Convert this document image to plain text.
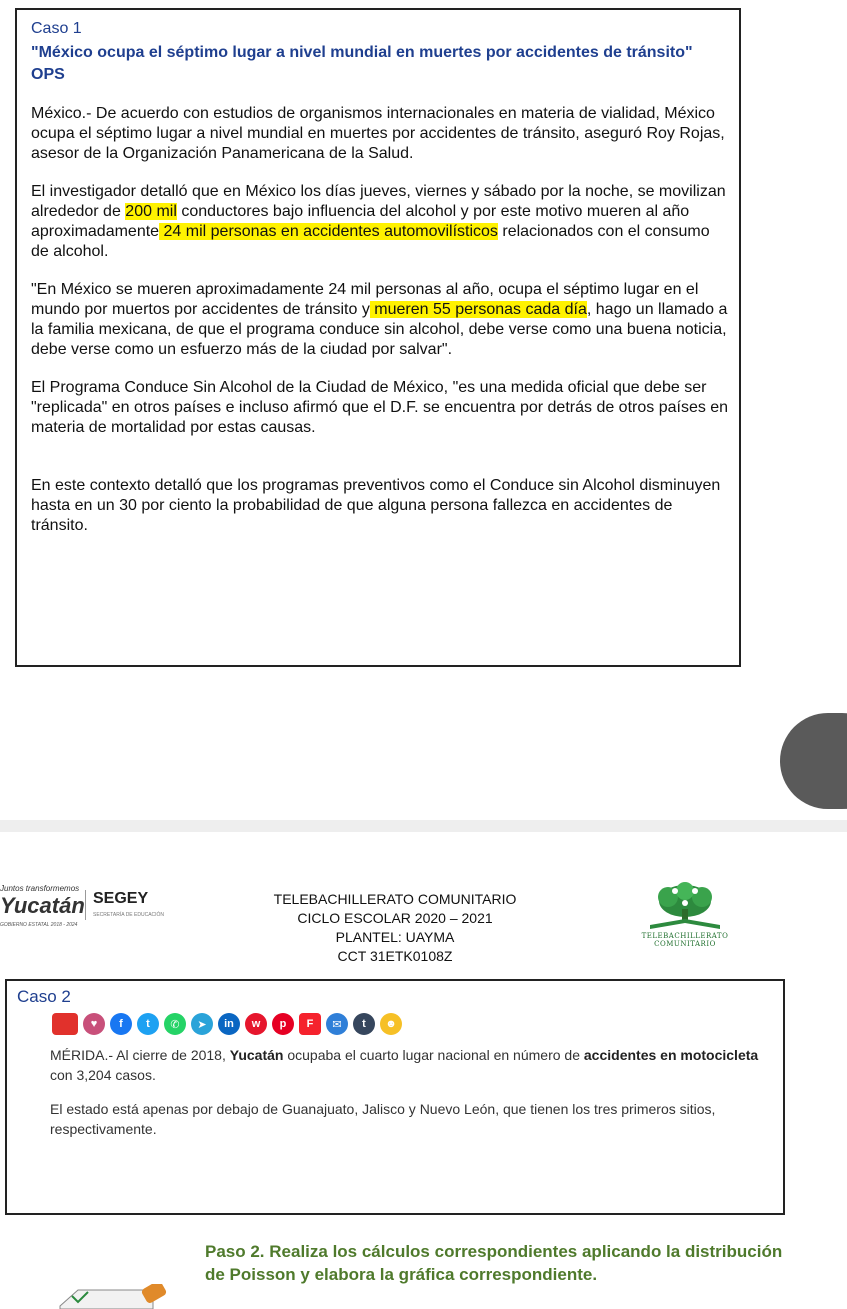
Caso 1

"México ocupa el séptimo lugar a nivel mundial en muertes por accidentes de tránsito"

OPS

México.- De acuerdo con estudios de organismos internacionales en materia de vialidad, México ocupa el séptimo lugar a nivel mundial en muertes por accidentes de tránsito, aseguró Roy Rojas, asesor de la Organización Panamericana de la Salud.

El investigador detalló que en México los días jueves, viernes y sábado por la noche, se movilizan alrededor de 200 mil conductores bajo influencia del alcohol y por este motivo mueren al año aproximadamente 24 mil personas en accidentes automovilísticos relacionados con el consumo de alcohol.

"En México se mueren aproximadamente 24 mil personas al año, ocupa el séptimo lugar en el mundo por muertos por accidentes de tránsito y mueren 55 personas cada día, hago un llamado a la familia mexicana, de que el programa conduce sin alcohol, debe verse como una buena noticia, debe verse como un esfuerzo más de la ciudad por salvar".

El Programa Conduce Sin Alcohol de la Ciudad de México, "es una medida oficial que debe ser "replicada" en otros países e incluso afirmó que el D.F. se encuentra por detrás de otros países en materia de mortalidad por estas causas.

En este contexto detalló que los programas preventivos como el Conduce sin Alcohol disminuyen hasta en un 30 por ciento la probabilidad de que alguna persona fallezca en accidentes de tránsito.

Juntos transformemos
Yucatán
GOBIERNO ESTATAL 2018 - 2024
SEGEY
SECRETARÍA DE EDUCACIÓN
TELEBACHILLERATO COMUNITARIO
CICLO ESCOLAR 2020 – 2021
PLANTEL: UAYMA
CCT 31ETK0108Z
TELEBACHILLERATO
COMUNITARIO

Caso 2

♥	f	t	✆	➤	in	w	p	F	✉	t	☻

MÉRIDA.- Al cierre de 2018, Yucatán ocupaba el cuarto lugar nacional en número de accidentes en motocicleta con 3,204 casos.

El estado está apenas por debajo de Guanajuato, Jalisco y Nuevo León, que tienen los tres primeros sitios, respectivamente.

Paso 2. Realiza los cálculos correspondientes aplicando la distribución de Poisson y elabora la gráfica correspondiente.
